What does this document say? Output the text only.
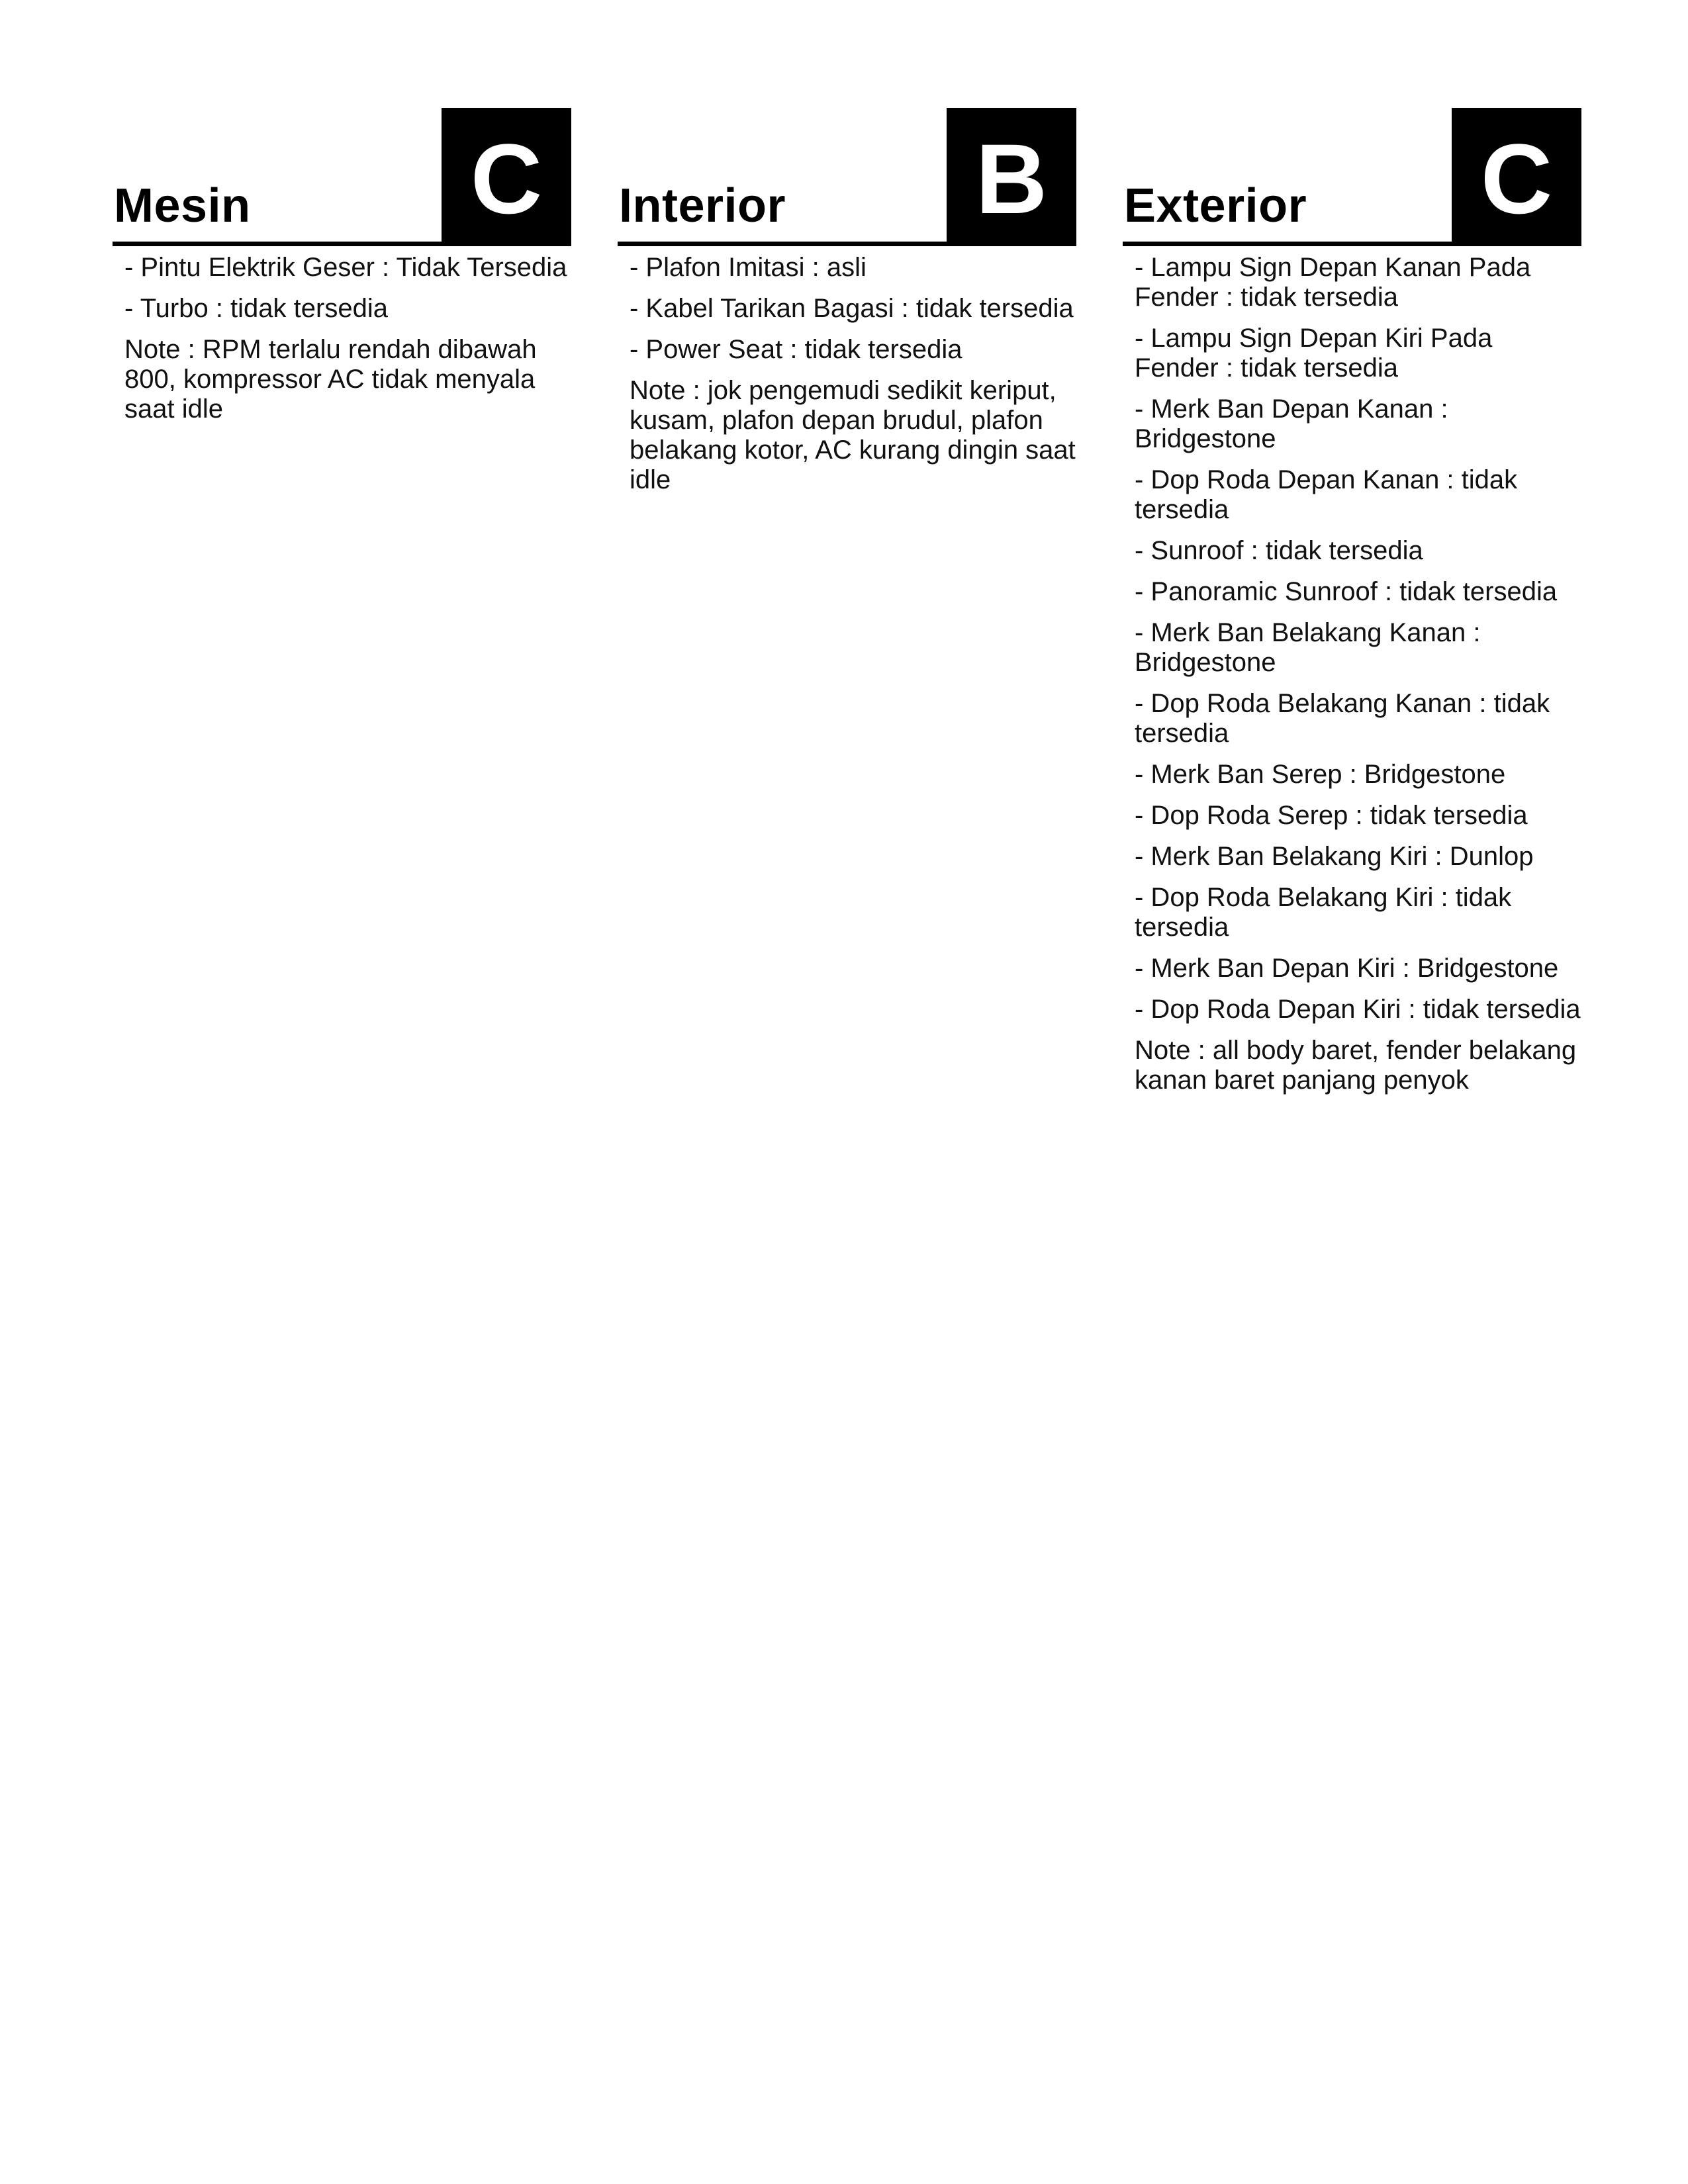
Mesin C
- Pintu Elektrik Geser : Tidak Tersedia
- Turbo : tidak tersedia
Note : RPM terlalu rendah dibawah 800, kompressor AC tidak menyala saat idle
Interior B
- Plafon Imitasi : asli
- Kabel Tarikan Bagasi : tidak tersedia
- Power Seat : tidak tersedia
Note : jok pengemudi sedikit keriput, kusam, plafon depan brudul, plafon belakang kotor, AC kurang dingin saat idle
Exterior C
- Lampu Sign Depan Kanan Pada Fender : tidak tersedia
- Lampu Sign Depan Kiri Pada Fender : tidak tersedia
- Merk Ban Depan Kanan : Bridgestone
- Dop Roda Depan Kanan : tidak tersedia
- Sunroof : tidak tersedia
- Panoramic Sunroof : tidak tersedia
- Merk Ban Belakang Kanan : Bridgestone
- Dop Roda Belakang Kanan : tidak tersedia
- Merk Ban Serep : Bridgestone
- Dop Roda Serep : tidak tersedia
- Merk Ban Belakang Kiri : Dunlop
- Dop Roda Belakang Kiri : tidak tersedia
- Merk Ban Depan Kiri : Bridgestone
- Dop Roda Depan Kiri : tidak tersedia
Note : all body baret, fender belakang kanan baret panjang penyok
